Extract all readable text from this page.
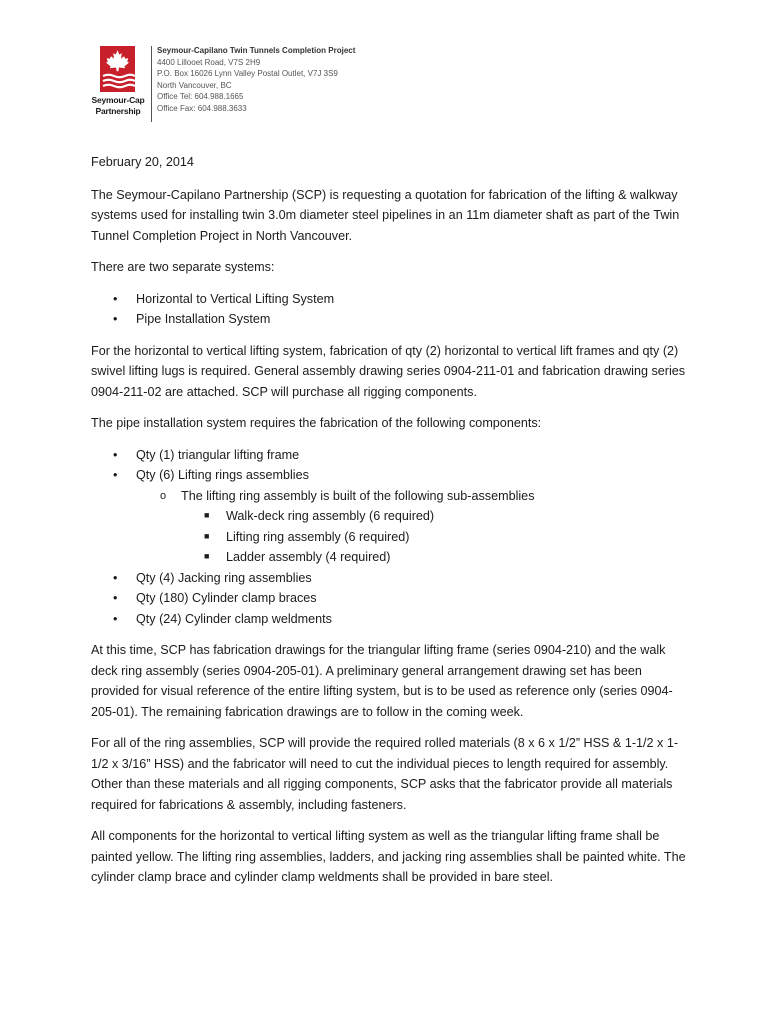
Seymour-Cap
Partnership
Seymour-Capilano Twin Tunnels Completion Project
4400 Lillooet Road, V7S 2H9
P.O. Box 16026 Lynn Valley Postal Outlet, V7J 3S9
North Vancouver, BC
Office Tel: 604.988.1665
Office Fax: 604.988.3633

February 20, 2014

The Seymour-Capilano Partnership (SCP) is requesting a quotation for fabrication of the lifting & walkway systems used for installing twin 3.0m diameter steel pipelines in an 11m diameter shaft as part of the Twin Tunnel Completion Project in North Vancouver.

There are two separate systems:

• Horizontal to Vertical Lifting System
• Pipe Installation System

For the horizontal to vertical lifting system, fabrication of qty (2) horizontal to vertical lift frames and qty (2) swivel lifting lugs is required. General assembly drawing series 0904-211-01 and fabrication drawing series 0904-211-02 are attached. SCP will purchase all rigging components.

The pipe installation system requires the fabrication of the following components:

• Qty (1) triangular lifting frame
• Qty (6) Lifting rings assemblies
o The lifting ring assembly is built of the following sub-assemblies
■ Walk-deck ring assembly (6 required)
■ Lifting ring assembly (6 required)
■ Ladder assembly (4 required)
• Qty (4) Jacking ring assemblies
• Qty (180) Cylinder clamp braces
• Qty (24) Cylinder clamp weldments

At this time, SCP has fabrication drawings for the triangular lifting frame (series 0904-210) and the walk deck ring assembly (series 0904-205-01). A preliminary general arrangement drawing set has been provided for visual reference of the entire lifting system, but is to be used as reference only (series 0904-205-01). The remaining fabrication drawings are to follow in the coming week.

For all of the ring assemblies, SCP will provide the required rolled materials (8 x 6 x 1/2” HSS & 1-1/2 x 1-1/2 x 3/16” HSS) and the fabricator will need to cut the individual pieces to length required for assembly. Other than these materials and all rigging components, SCP asks that the fabricator provide all materials required for fabrications & assembly, including fasteners.

All components for the horizontal to vertical lifting system as well as the triangular lifting frame shall be painted yellow. The lifting ring assemblies, ladders, and jacking ring assemblies shall be painted white. The cylinder clamp brace and cylinder clamp weldments shall be provided in bare steel.
